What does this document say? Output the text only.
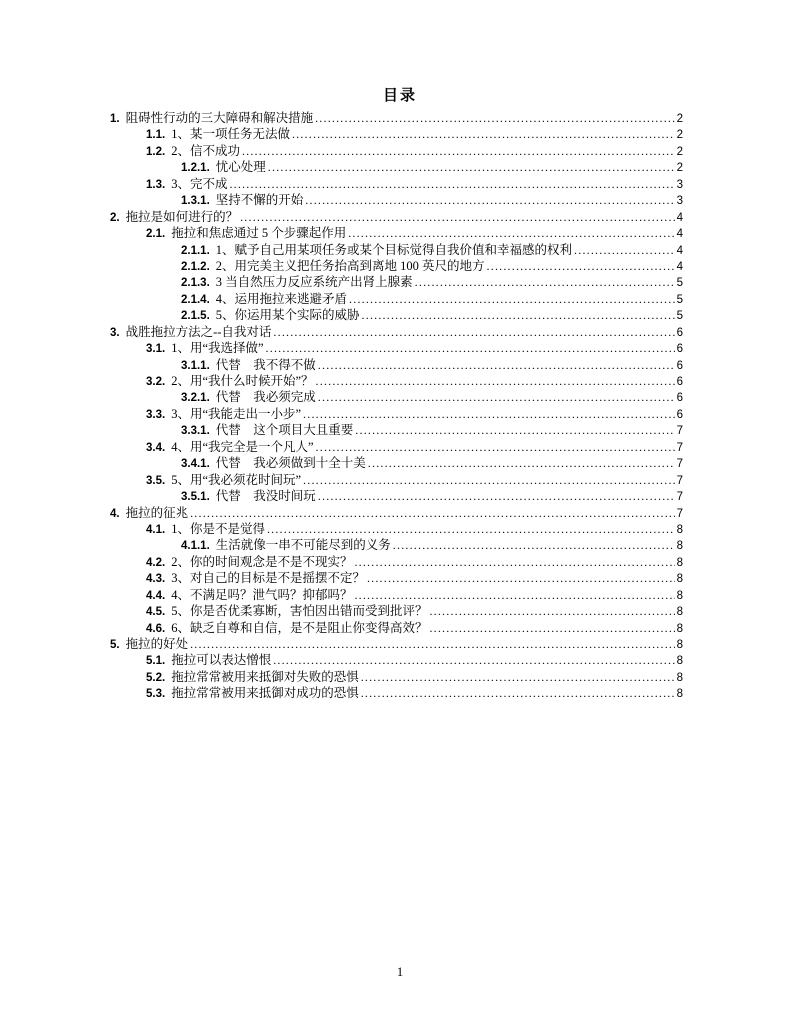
目录
1. 阻碍性行动的三大障碍和解决措施 .....	2
1.1. 1、某一项任务无法做 .....	2
1.2. 2、信不成功 .....	2
1.2.1. 忧心处理 .....	2
1.3. 3、完不成 .....	3
1.3.1. 坚持不懈的开始 .....	3
2. 拖拉是如何进行的？ .....	4
2.1. 拖拉和焦虑通过 5 个步骤起作用 .....	4
2.1.1. 1、赋予自己用某项任务或某个目标觉得自我价值和幸福感的权利 .....	4
2.1.2. 2、用完美主义把任务抬高到离地 100 英尺的地方 .....	4
2.1.3. 3 当自然压力反应系统产出肾上腺素 .....	5
2.1.4. 4、运用拖拉来逃避矛盾 .....	5
2.1.5. 5、你运用某个实际的威胁 .....	5
3. 战胜拖拉方法之--自我对话 .....	6
3.1. 1、用“我选择做” .....	6
3.1.1. 代替　我不得不做 .....	6
3.2. 2、用“我什么时候开始”？ .....	6
3.2.1. 代替　我必须完成 .....	6
3.3. 3、用“我能走出一小步” .....	6
3.3.1. 代替　这个项目大且重要 .....	7
3.4. 4、用“我完全是一个凡人” .....	7
3.4.1. 代替　我必须做到十全十美 .....	7
3.5. 5、用“我必须花时间玩” .....	7
3.5.1. 代替　我没时间玩 .....	7
4. 拖拉的征兆 .....	7
4.1. 1、你是不是觉得 .....	8
4.1.1. 生活就像一串不可能尽到的义务 .....	8
4.2. 2、你的时间观念是不是不现实？ .....	8
4.3. 3、对自己的目标是不是摇摆不定？ .....	8
4.4. 4、不满足吗？泄气吗？抑郁吗？ .....	8
4.5. 5、你是否优柔寡断，害怕因出错而受到批评？ .....	8
4.6. 6、缺乏自尊和自信，是不是阻止你变得高效？ .....	8
5. 拖拉的好处 .....	8
5.1. 拖拉可以表达憎恨 .....	8
5.2. 拖拉常常被用来抵御对失败的恐惧 .....	8
5.3. 拖拉常常被用来抵御对成功的恐惧 .....	8
1
